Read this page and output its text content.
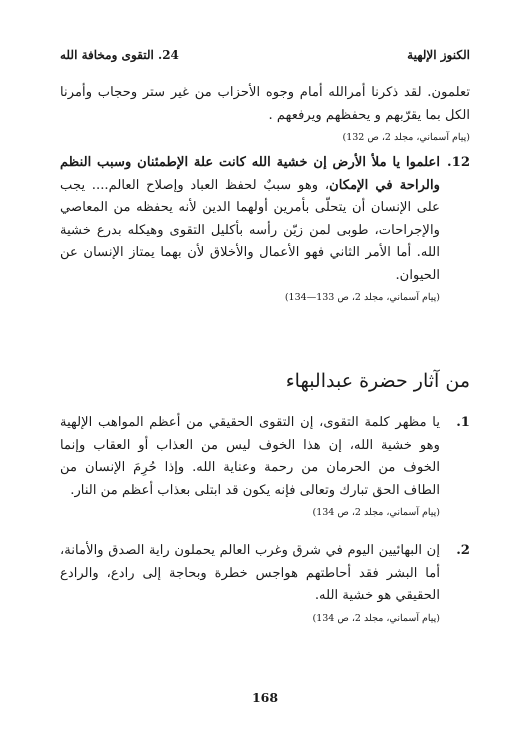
الكنوز الإلهية
24. التقوى ومخافة الله

تعلمون. لقد ذكرنا أمرالله أمام وجوه الأحزاب من غير ستر وحجاب وأمرنا الكل بما يقرّبهم و يحفظهم ويرفعهم .

(پيام آسماني، مجلد 2، ص 132)
.12

اعلموا يا ملأ الأرض إن خشية الله كانت علة الإطمئنان وسبب النظم والراحة في الإمكان، وهو سببٌ لحفظ العباد وإصلاح العالم.... يجب على الإنسان أن يتحلّى بأمرين أولهما الدين لأنه يحفظه من المعاصي والإجراحات، طوبى لمن زيّن رأسه بأكليل التقوى وهيكله بدرع خشية الله. أما الأمر الثاني فهو الأعمال والأخلاق لأن بهما يمتاز الإنسان عن الحيوان.

(پيام آسماني، مجلد 2، ص 133—134)
من آثار حضرة عبدالبهاء
.1

يا مظهر كلمة التقوى، إن التقوى الحقيقي من أعظم المواهب الإلهية وهو خشية الله، إن هذا الخوف ليس من العذاب أو العقاب وإنما الخوف من الحرمان من رحمة وعناية الله. وإذا حُرِمَ الإنسان من الطاف الحق تبارك وتعالى فإنه يكون قد ابتلى بعذاب أعظم من النار.

(پيام آسماني، مجلد 2، ص 134)
.2

إن البهائيين اليوم في شرق وغرب العالم يحملون راية الصدق والأمانة، أما البشر فقد أحاطتهم هواجس خطرة وبحاجة إلى رادع، والرادع الحقيقي هو خشية الله.

(پيام آسماني، مجلد 2، ص 134)
168
